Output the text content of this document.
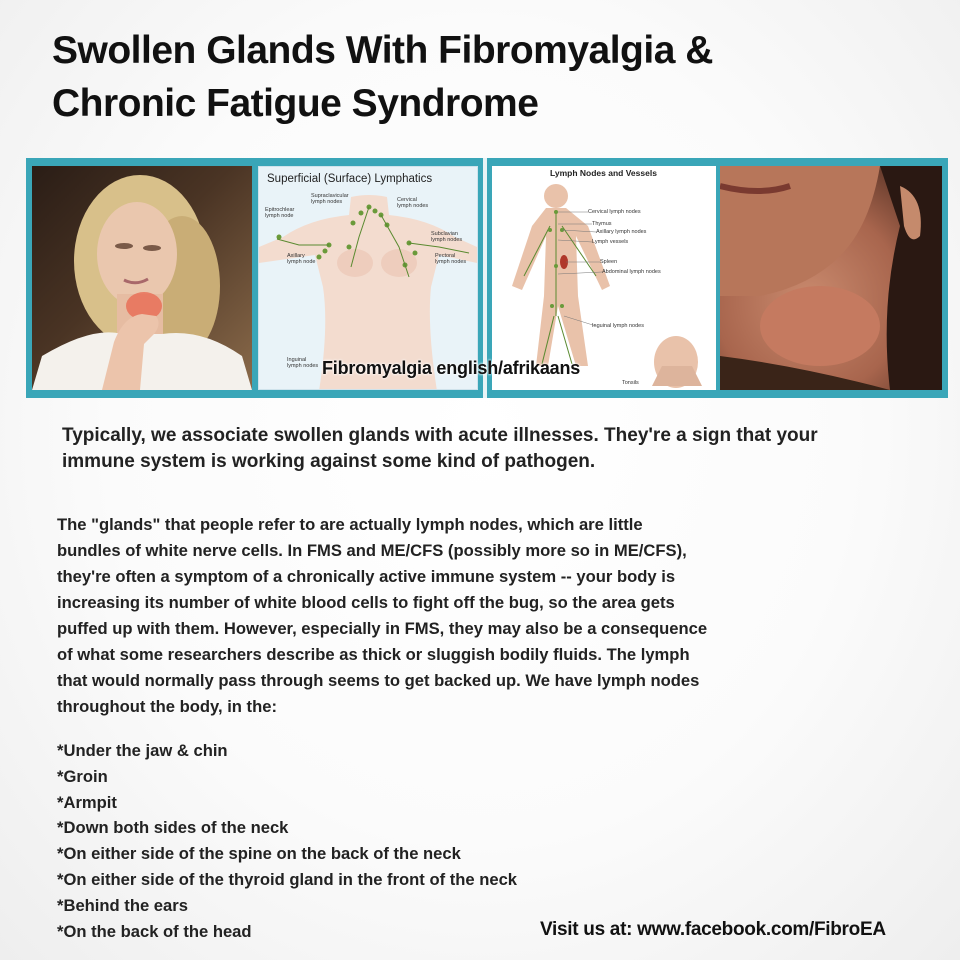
Swollen Glands With Fibromyalgia &
Chronic Fatigue Syndrome
Superficial (Surface) Lymphatics
Supraclavicular
lymph nodes	Cervical
lymph nodes
Epitrochlear
lymph node
Subclavian
lymph nodes
Axillary
lymph node
Pectoral
lymph nodes
Inguinal
lymph nodes
Lymph Nodes and Vessels
Cervical lymph nodes
Thymus
Axillary lymph nodes
Lymph vessels
Spleen
Abdominal lymph nodes
Inguinal lymph nodes
Tonsils
Fibromyalgia english/afrikaans
Typically, we associate swollen glands with acute illnesses. They're a sign that your
immune system is working against some kind of pathogen.
The "glands" that people refer to are actually lymph nodes, which are little
bundles of white nerve cells. In FMS and ME/CFS (possibly more so in ME/CFS),
they're often a symptom of a chronically active immune system -- your body is
increasing its number of white blood cells to fight off the bug, so the area gets
puffed up with them. However, especially in FMS, they may also be a consequence
of what some researchers describe as thick or sluggish bodily fluids. The lymph
that would normally pass through seems to get backed up. We have lymph nodes
throughout the body, in the:
*Under the jaw & chin
*Groin
*Armpit
*Down both sides of the neck
*On either side of the spine on the back of the neck
*On either side of the thyroid gland in the front of the neck
*Behind the ears
*On the back of the head	Visit us at: www.facebook.com/FibroEA
